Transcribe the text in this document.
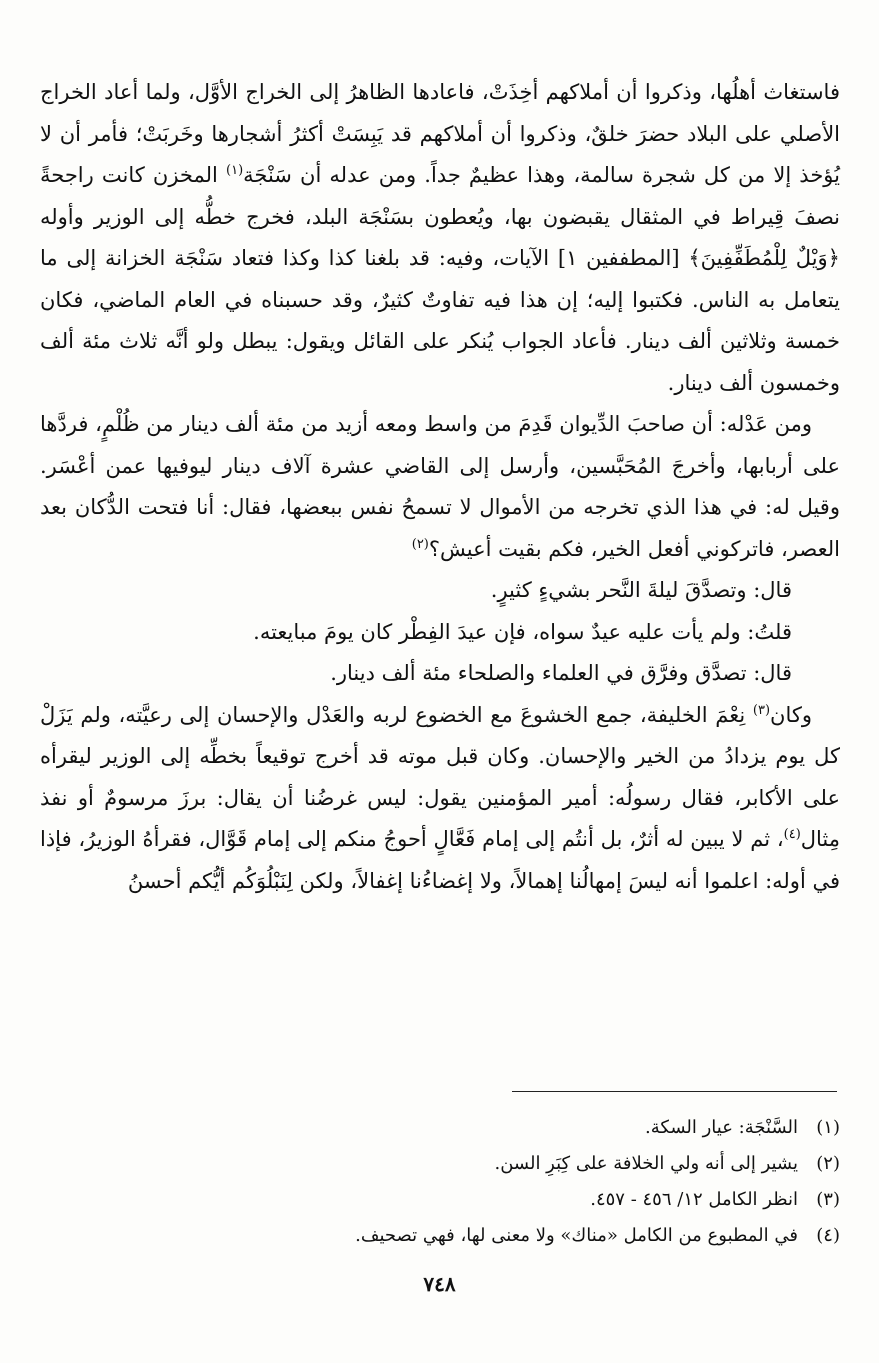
فاستغاث أهلُها، وذكروا أن أملاكهم أخِذَتْ، فاعادها الظاهرُ إلى الخراج الأوَّل، ولما أعاد الخراج الأصلي على البلاد حضرَ خلقٌ، وذكروا أن أملاكهم قد يَبِسَتْ أكثرُ أشجارها وخَربَتْ؛ فأمر أن لا يُؤخذ إلا من كل شجرة سالمة، وهذا عظيمٌ جداً. ومن عدله أن سَنْجَة$^{(١)}$ المخزن كانت راجحةً نصفَ قِيراط في المثقال يقبضون بها، ويُعطون بسَنْجَة البلد، فخرج خطُّه إلى الوزير وأوله ﴿وَيْلٌ لِلْمُطَفِّفِينَ﴾ [المطففين ١] الآيات، وفيه: قد بلغنا كذا وكذا فتعاد سَنْجَة الخزانة إلى ما يتعامل به الناس. فكتبوا إليه؛ إن هذا فيه تفاوتٌ كثيرٌ، وقد حسبناه في العام الماضي، فكان خمسة وثلاثين ألف دينار. فأعاد الجواب يُنكر على القائل ويقول: يبطل ولو أنَّه ثلاث مئة ألف وخمسون ألف دينار.

ومن عَدْله: أن صاحبَ الدِّيوان قَدِمَ من واسط ومعه أزيد من مئة ألف دينار من ظُلْمٍ، فردَّها على أربابها، وأخرجَ المُحَبَّسين، وأرسل إلى القاضي عشرة آلاف دينار ليوفيها عمن أعْسَر. وقيل له: في هذا الذي تخرجه من الأموال لا تسمحُ نفس ببعضها، فقال: أنا فتحت الدُّكان بعد العصر، فاتركوني أفعل الخير، فكم بقيت أعيش؟$^{(٢)}$

قال: وتصدَّقَ ليلةَ النَّحر بشيءٍ كثيرٍ.

قلتُ: ولم يأت عليه عيدٌ سواه، فإن عيدَ الفِطْر كان يومَ مبايعته.

قال: تصدَّق وفرَّق في العلماء والصلحاء مئة ألف دينار.

وكان$^{(٣)}$ نِعْمَ الخليفة، جمع الخشوعَ مع الخضوع لربه والعَدْل والإحسان إلى رعيَّته، ولم يَزَلْ كل يوم يزدادُ من الخير والإحسان. وكان قبل موته قد أخرج توقيعاً بخطِّه إلى الوزير ليقرأه على الأكابر، فقال رسولُه: أمير المؤمنين يقول: ليس غرضُنا أن يقال: برزَ مرسومٌ أو نفذ مِثال$^{(٤)}$، ثم لا يبين له أثرٌ، بل أنتُم إلى إمام فَعَّالٍ أحوجُ منكم إلى إمام قَوَّال، فقرأهُ الوزيرُ، فإذا في أوله: اعلموا أنه ليسَ إمهالُنا إهمالاً، ولا إغضاءُنا إغفالاً، ولكن لِنَبْلُوَكُم أيُّكم أحسنُ

(١)
السَّنْجَة: عيار السكة.
(٢)
يشير إلى أنه ولي الخلافة على كِبَرِ السن.
(٣)
انظر الكامل ١٢/ ٤٥٦ - ٤٥٧.
(٤)
في المطبوع من الكامل «مناك» ولا معنى لها، فهي تصحيف.
٧٤٨
